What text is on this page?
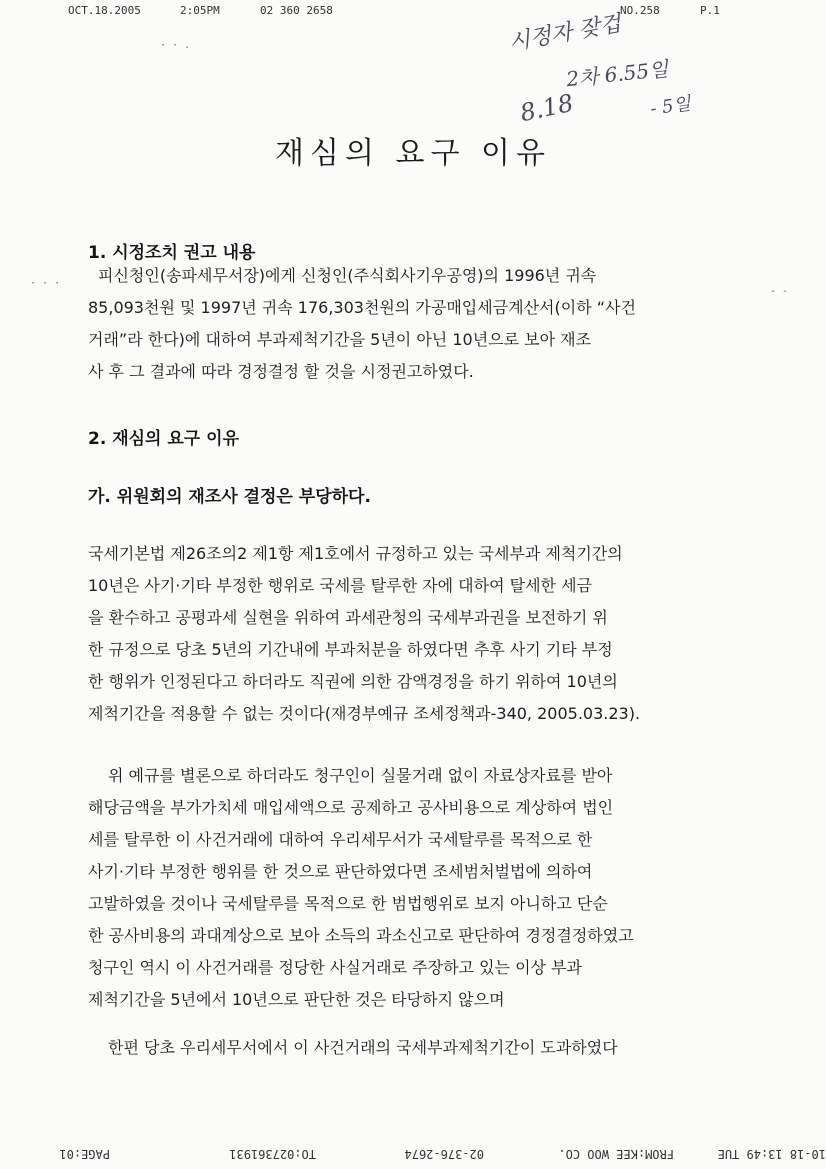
OCT.18.2005	2:05PM	02 360 2658	NO.258	P.1
시정자 잦겁
2차 6.55일
- 5일
8.18
· · .
· · ·
- -
재심의 요구 이유
1. 시정조치 권고 내용
피신청인(송파세무서장)에게 신청인(주식회사기우공영)의 1996년 귀속
85,093천원 및 1997년 귀속 176,303천원의 가공매입세금계산서(이하 “사건
거래”라 한다)에 대하여 부과제척기간을 5년이 아닌 10년으로 보아 재조
사 후 그 결과에 따라 경정결정 할 것을 시정권고하였다.
2. 재심의 요구 이유
가. 위원회의 재조사 결정은 부당하다.
국세기본법 제26조의2 제1항 제1호에서 규정하고 있는 국세부과 제척기간의
10년은 사기·기타 부정한 행위로 국세를 탈루한 자에 대하여 탈세한 세금
을 환수하고 공평과세 실현을 위하여 과세관청의 국세부과권을 보전하기 위
한 규정으로 당초 5년의 기간내에 부과처분을 하였다면 추후 사기 기타 부정
한 행위가 인정된다고 하더라도 직권에 의한 감액경정을 하기 위하여 10년의
제척기간을 적용할 수 없는 것이다(재경부예규 조세정책과-340, 2005.03.23).
위 예규를 별론으로 하더라도 청구인이 실물거래 없이 자료상자료를 받아
해당금액을 부가가치세 매입세액으로 공제하고 공사비용으로 계상하여 법인
세를 탈루한 이 사건거래에 대하여 우리세무서가 국세탈루를 목적으로 한
사기·기타 부정한 행위를 한 것으로 판단하였다면 조세범처벌법에 의하여
고발하였을 것이나 국세탈루를 목적으로 한 범법행위로 보지 아니하고 단순
한 공사비용의 과대계상으로 보아 소득의 과소신고로 판단하여 경정결정하였고
청구인 역시 이 사건거래를 정당한 사실거래로 주장하고 있는 이상 부과
제척기간을 5년에서 10년으로 판단한 것은 타당하지 않으며
한편 당초 우리세무서에서 이 사건거래의 국세부과제척기간이 도과하였다
10-18 13:49 TUE
FROM:KEE WOO CO.
02-376-2674
TO:027361931
PAGE:01
